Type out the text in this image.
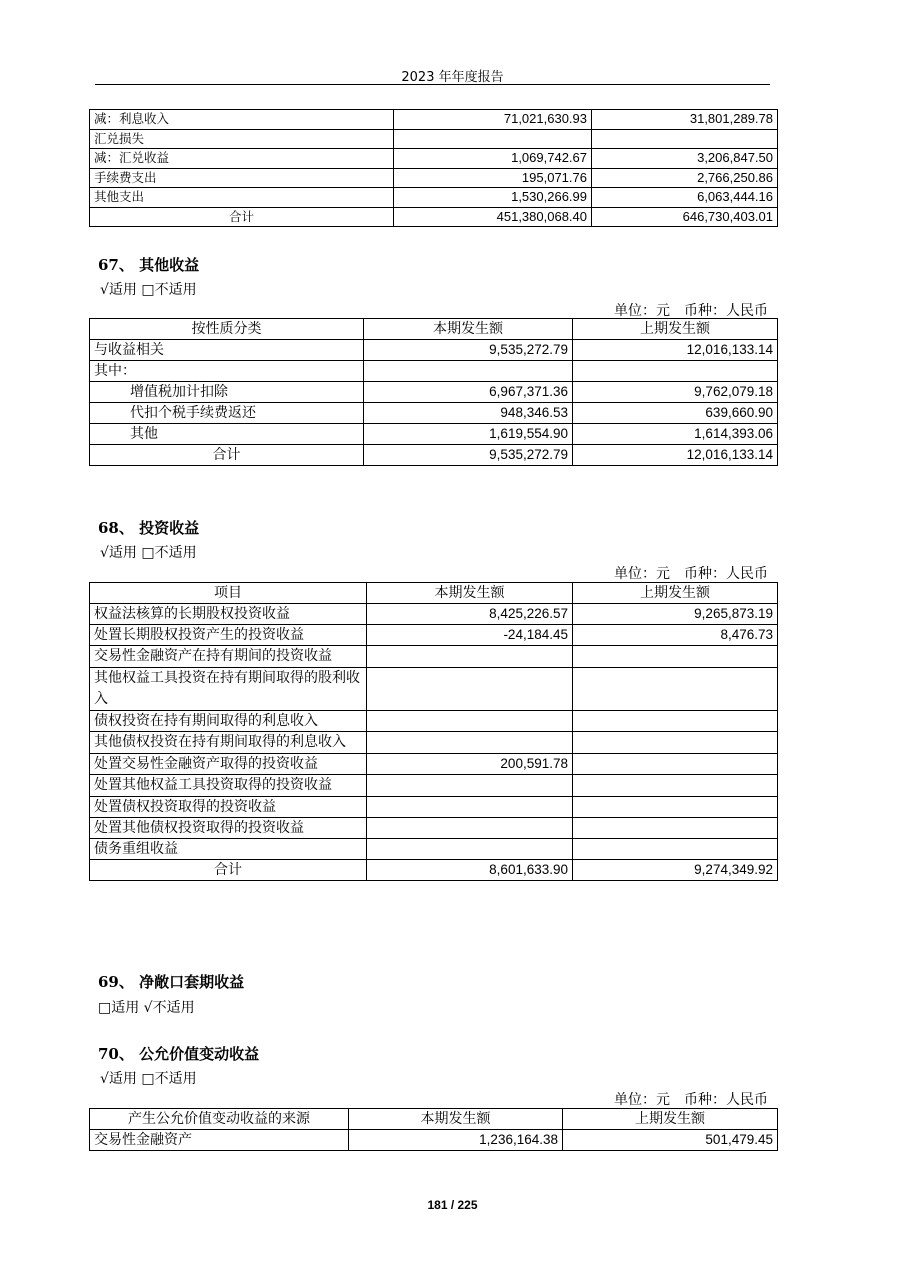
2023 年年度报告
减：利息收入	71,021,630.93	31,801,289.78
汇兑损失		
减：汇兑收益	1,069,742.67	3,206,847.50
手续费支出	195,071.76	2,766,250.86
其他支出	1,530,266.99	6,063,444.16
合计	451,380,068.40	646,730,403.01
67、 其他收益
√适用 □不适用
单位：元　币种：人民币
按性质分类	本期发生额	上期发生额
与收益相关	9,535,272.79	12,016,133.14
其中：		
增值税加计扣除	6,967,371.36	9,762,079.18
代扣个税手续费返还	948,346.53	639,660.90
其他	1,619,554.90	1,614,393.06
合计	9,535,272.79	12,016,133.14
68、 投资收益
√适用 □不适用
单位：元　币种：人民币
项目	本期发生额	上期发生额
权益法核算的长期股权投资收益	8,425,226.57	9,265,873.19
处置长期股权投资产生的投资收益	-24,184.45	8,476.73
交易性金融资产在持有期间的投资收益		
其他权益工具投资在持有期间取得的股利收入		
债权投资在持有期间取得的利息收入		
其他债权投资在持有期间取得的利息收入		
处置交易性金融资产取得的投资收益	200,591.78	
处置其他权益工具投资取得的投资收益		
处置债权投资取得的投资收益		
处置其他债权投资取得的投资收益		
债务重组收益		
合计	8,601,633.90	9,274,349.92
69、 净敞口套期收益
□适用 √不适用
70、 公允价值变动收益
√适用 □不适用
单位：元　币种：人民币
产生公允价值变动收益的来源	本期发生额	上期发生额
交易性金融资产	1,236,164.38	501,479.45
181 / 225
